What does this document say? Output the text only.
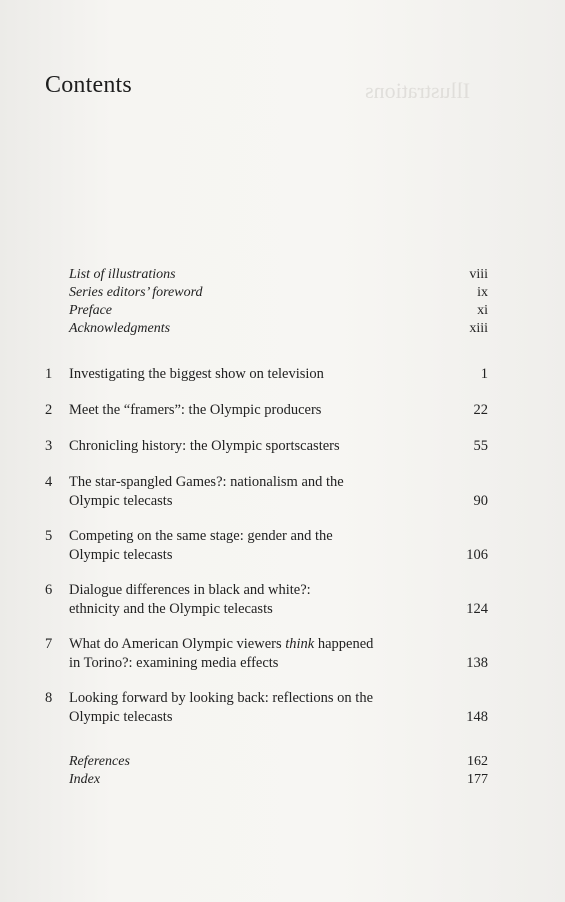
Illustrations
Contents
List of illustrations	viii
Series editors’ foreword	ix
Preface	xi
Acknowledgments	xiii
1	Investigating the biggest show on television	1
2	Meet the “framers”: the Olympic producers	22
3	Chronicling history: the Olympic sportscasters	55
4	The star-spangled Games?: nationalism and the
Olympic telecasts	90
5	Competing on the same stage: gender and the
Olympic telecasts	106
6	Dialogue differences in black and white?:
ethnicity and the Olympic telecasts	124
7	What do American Olympic viewers think happened
in Torino?: examining media effects	138
8	Looking forward by looking back: reflections on the
Olympic telecasts	148
References	162
Index	177
